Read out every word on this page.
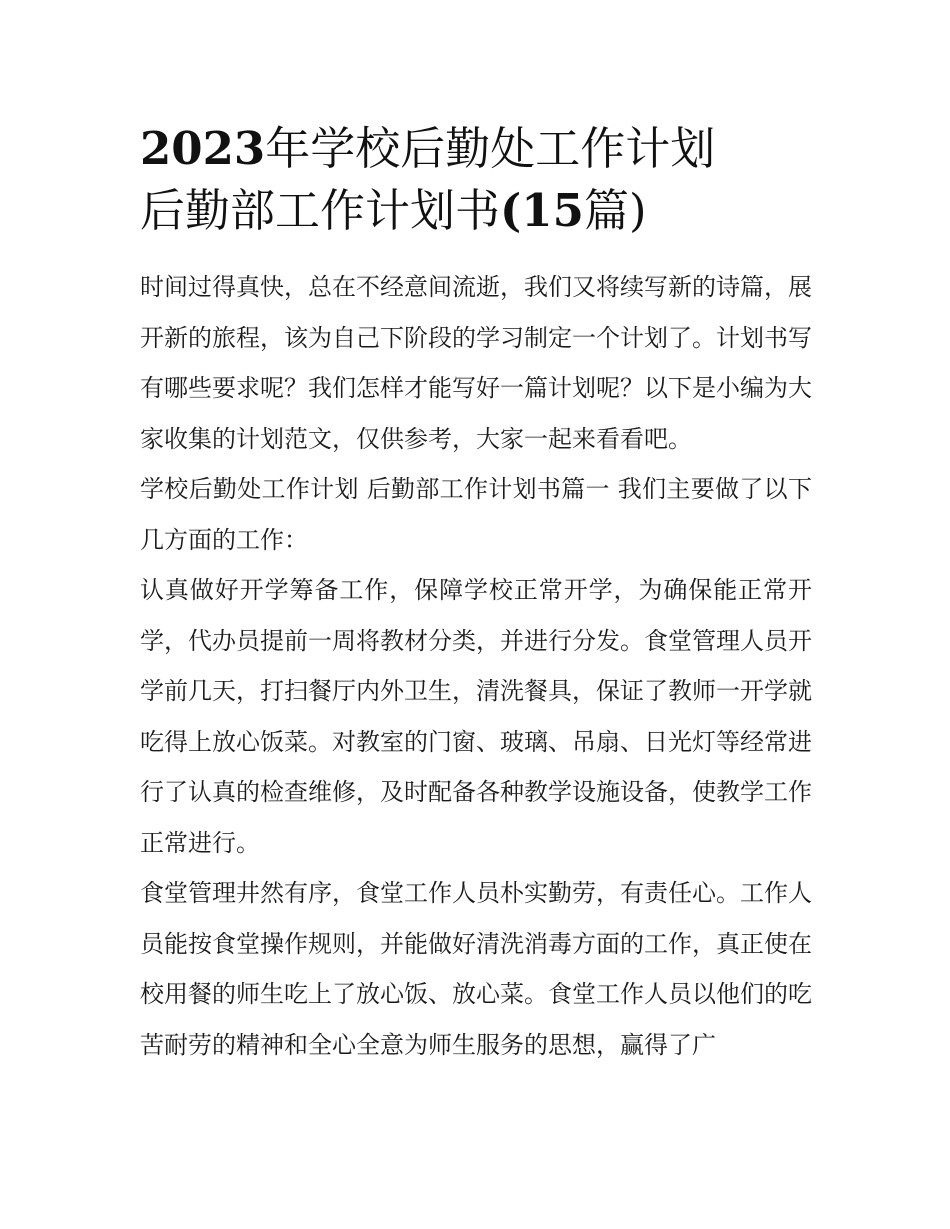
2023年学校后勤处工作计划
后勤部工作计划书(15篇)

时间过得真快，总在不经意间流逝，我们又将续写新的诗篇，展开新的旅程，该为自己下阶段的学习制定一个计划了。计划书写有哪些要求呢？我们怎样才能写好一篇计划呢？以下是小编为大家收集的计划范文，仅供参考，大家一起来看看吧。

学校后勤处工作计划 后勤部工作计划书篇一 我们主要做了以下几方面的工作：

认真做好开学筹备工作，保障学校正常开学，为确保能正常开学，代办员提前一周将教材分类，并进行分发。食堂管理人员开学前几天，打扫餐厅内外卫生，清洗餐具，保证了教师一开学就吃得上放心饭菜。对教室的门窗、玻璃、吊扇、日光灯等经常进行了认真的检查维修，及时配备各种教学设施设备，使教学工作正常进行。

食堂管理井然有序，食堂工作人员朴实勤劳，有责任心。工作人员能按食堂操作规则，并能做好清洗消毒方面的工作，真正使在校用餐的师生吃上了放心饭、放心菜。食堂工作人员以他们的吃苦耐劳的精神和全心全意为师生服务的思想，赢得了广
